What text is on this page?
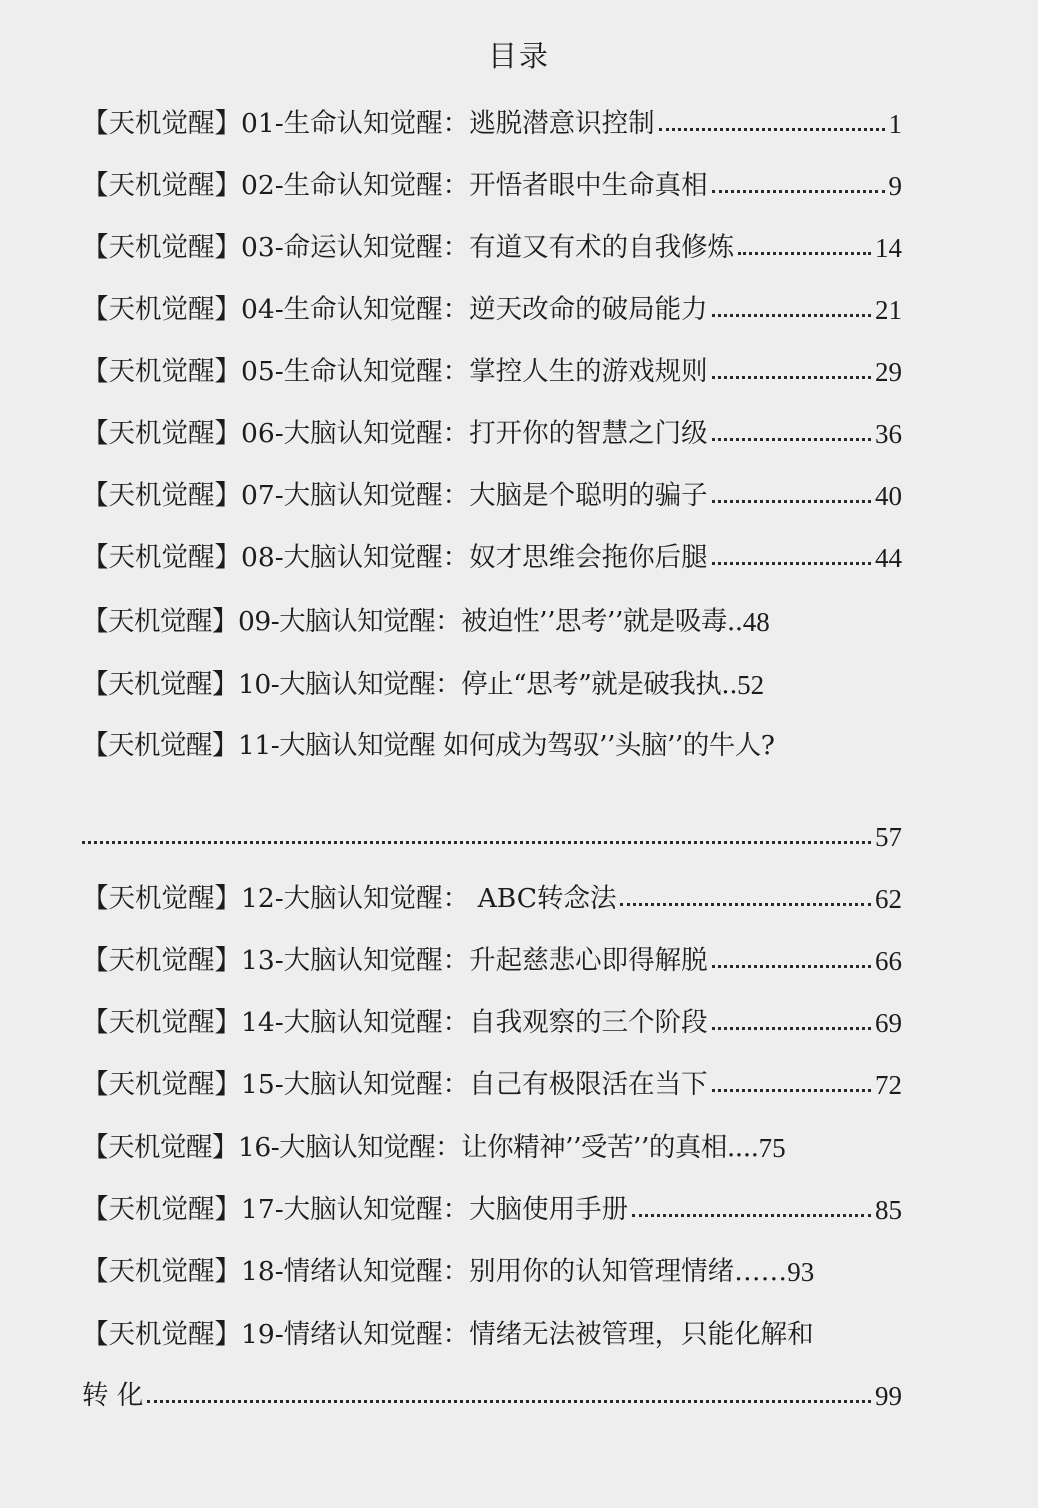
目录
【天机觉醒】01-生命认知觉醒：逃脱潜意识控制	1
【天机觉醒】02-生命认知觉醒：开悟者眼中生命真相	9
【天机觉醒】03-命运认知觉醒：有道又有术的自我修炼	14
【天机觉醒】04-生命认知觉醒：逆天改命的破局能力	21
【天机觉醒】05-生命认知觉醒：掌控人生的游戏规则	29
【天机觉醒】06-大脑认知觉醒：打开你的智慧之门级	36
【天机觉醒】07-大脑认知觉醒：大脑是个聪明的骗子	40
【天机觉醒】08-大脑认知觉醒：奴才思维会拖你后腿	44
【天机觉醒】09-大脑认知觉醒：被迫性’’思考’’就是吸毒.. 48
【天机觉醒】10-大脑认知觉醒：停止“思考”就是破我执.. 52
【天机觉醒】11-大脑认知觉醒 如何成为驾驭’’头脑’’的牛人?
57
【天机觉醒】12-大脑认知觉醒： ABC转念法	62
【天机觉醒】13-大脑认知觉醒：升起慈悲心即得解脱	66
【天机觉醒】14-大脑认知觉醒：自我观察的三个阶段	69
【天机觉醒】15-大脑认知觉醒：自己有极限活在当下	72
【天机觉醒】16-大脑认知觉醒：让你精神’’受苦’’的真相.... 75
【天机觉醒】17-大脑认知觉醒：大脑使用手册	85
【天机觉醒】18-情绪认知觉醒：别用你的认知管理情绪…… 93
【天机觉醒】19-情绪认知觉醒：情绪无法被管理，只能化解和
转 化	99
